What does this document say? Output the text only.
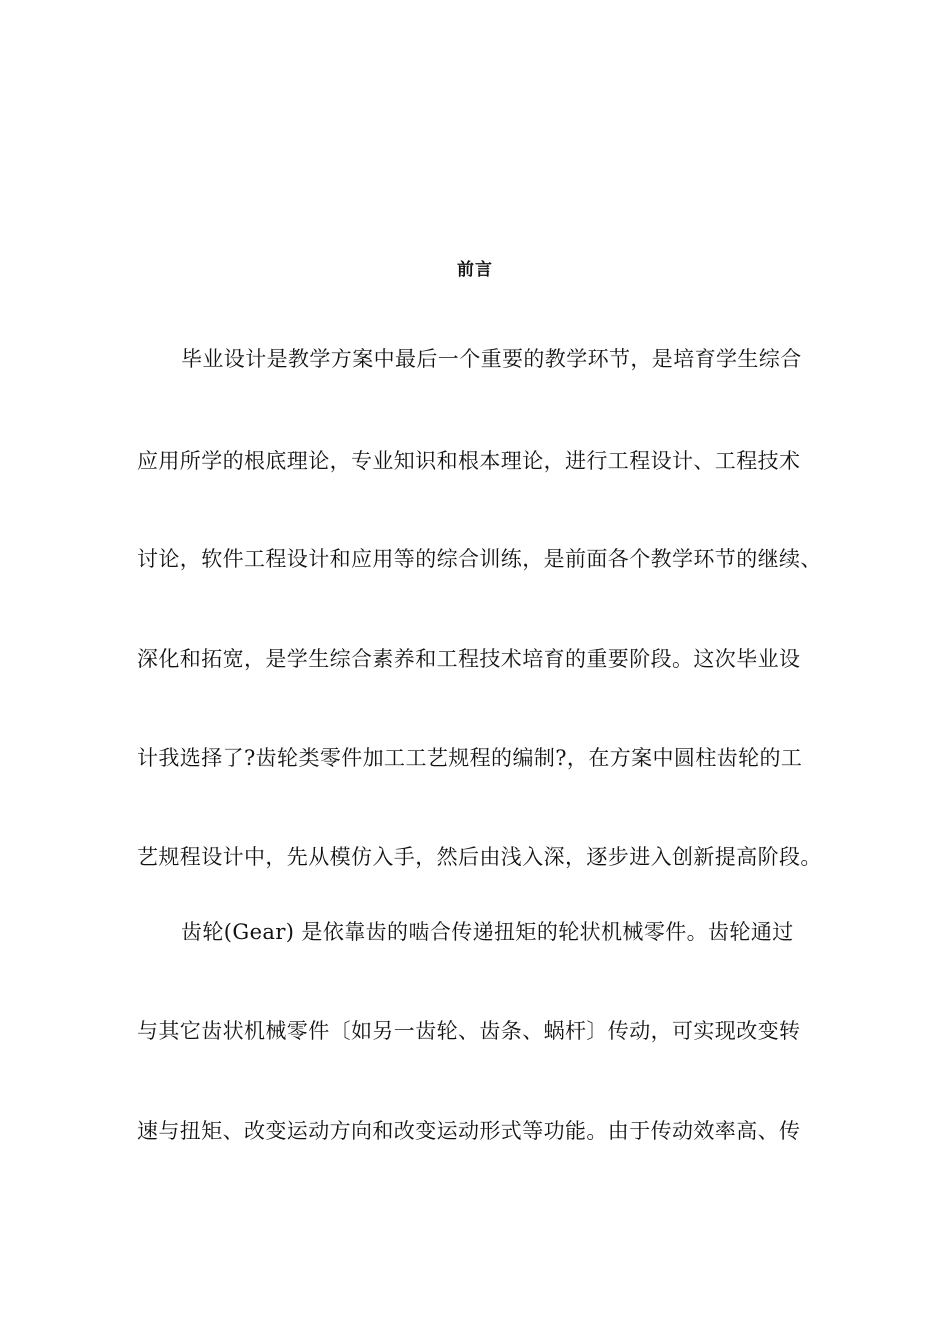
前言
毕业设计是教学方案中最后一个重要的教学环节，是培育学生综合
应用所学的根底理论，专业知识和根本理论，进行工程设计、工程技术
讨论，软件工程设计和应用等的综合训练，是前面各个教学环节的继续、
深化和拓宽，是学生综合素养和工程技术培育的重要阶段。这次毕业设
计我选择了?齿轮类零件加工工艺规程的编制?，在方案中圆柱齿轮的工
艺规程设计中，先从模仿入手，然后由浅入深，逐步进入创新提高阶段。
齿轮(Gear) 是依靠齿的啮合传递扭矩的轮状机械零件。齿轮通过
与其它齿状机械零件〔如另一齿轮、齿条、蜗杆〕传动，可实现改变转
速与扭矩、改变运动方向和改变运动形式等功能。由于传动效率高、传
